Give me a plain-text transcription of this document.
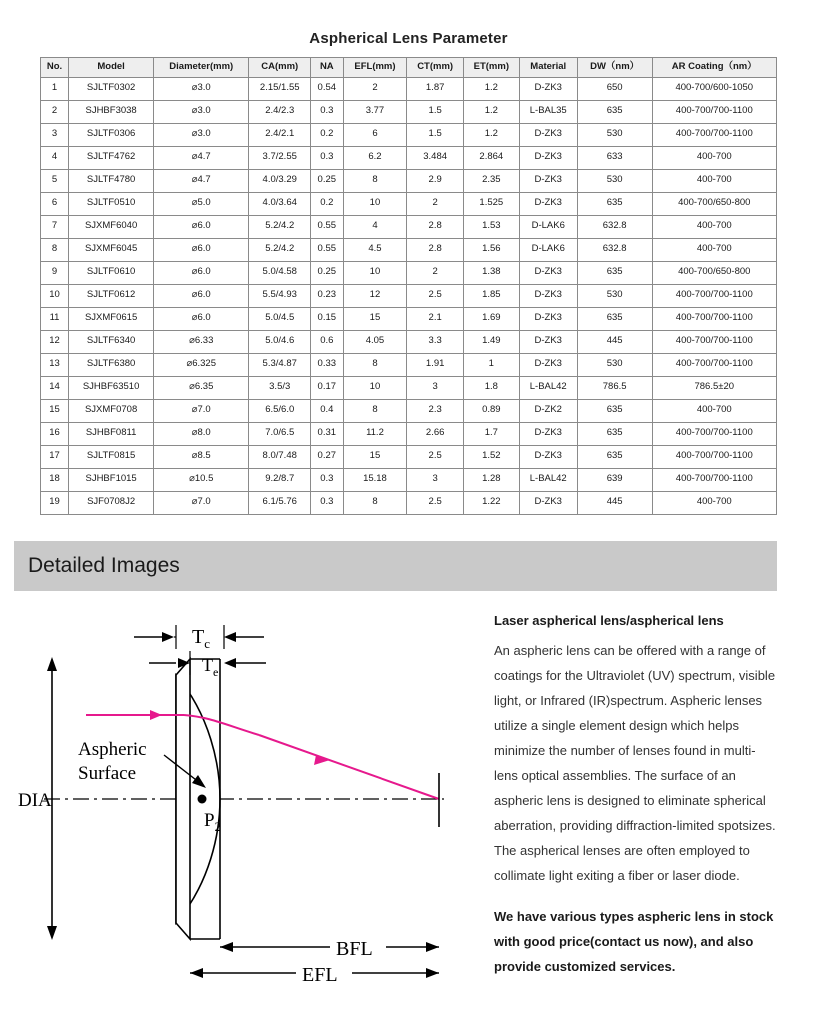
Aspherical Lens Parameter
No.	Model	Diameter(mm)	CA(mm)	NA	EFL(mm)	CT(mm)	ET(mm)	Material	DW（nm）	AR Coating（nm）
1	SJLTF0302	⌀3.0	2.15/1.55	0.54	2	1.87	1.2	D-ZK3	650	400-700/600-1050
2	SJHBF3038	⌀3.0	2.4/2.3	0.3	3.77	1.5	1.2	L-BAL35	635	400-700/700-1100
3	SJLTF0306	⌀3.0	2.4/2.1	0.2	6	1.5	1.2	D-ZK3	530	400-700/700-1100
4	SJLTF4762	⌀4.7	3.7/2.55	0.3	6.2	3.484	2.864	D-ZK3	633	400-700
5	SJLTF4780	⌀4.7	4.0/3.29	0.25	8	2.9	2.35	D-ZK3	530	400-700
6	SJLTF0510	⌀5.0	4.0/3.64	0.2	10	2	1.525	D-ZK3	635	400-700/650-800
7	SJXMF6040	⌀6.0	5.2/4.2	0.55	4	2.8	1.53	D-LAK6	632.8	400-700
8	SJXMF6045	⌀6.0	5.2/4.2	0.55	4.5	2.8	1.56	D-LAK6	632.8	400-700
9	SJLTF0610	⌀6.0	5.0/4.58	0.25	10	2	1.38	D-ZK3	635	400-700/650-800
10	SJLTF0612	⌀6.0	5.5/4.93	0.23	12	2.5	1.85	D-ZK3	530	400-700/700-1100
11	SJXMF0615	⌀6.0	5.0/4.5	0.15	15	2.1	1.69	D-ZK3	635	400-700/700-1100
12	SJLTF6340	⌀6.33	5.0/4.6	0.6	4.05	3.3	1.49	D-ZK3	445	400-700/700-1100
13	SJLTF6380	⌀6.325	5.3/4.87	0.33	8	1.91	1	D-ZK3	530	400-700/700-1100
14	SJHBF63510	⌀6.35	3.5/3	0.17	10	3	1.8	L-BAL42	786.5	786.5±20
15	SJXMF0708	⌀7.0	6.5/6.0	0.4	8	2.3	0.89	D-ZK2	635	400-700
16	SJHBF0811	⌀8.0	7.0/6.5	0.31	11.2	2.66	1.7	D-ZK3	635	400-700/700-1100
17	SJLTF0815	⌀8.5	8.0/7.48	0.27	15	2.5	1.52	D-ZK3	635	400-700/700-1100
18	SJHBF1015	⌀10.5	9.2/8.7	0.3	15.18	3	1.28	L-BAL42	639	400-700/700-1100
19	SJF0708J2	⌀7.0	6.1/5.76	0.3	8	2.5	1.22	D-ZK3	445	400-700
Detailed Images
$T_c$
$T_e$
Aspheric
Surface
DIA
$P_2$
BFL
EFL
Laser aspherical lens/aspherical lens

An aspheric lens can be offered with a range of coatings for the Ultraviolet (UV) spectrum, visible light, or Infrared (IR)spectrum. Aspheric lenses utilize a single element design which helps minimize the number of lenses found in multi-lens optical assemblies. The surface of an aspheric lens is designed to eliminate spherical aberration, providing diffraction-limited spotsizes. The aspherical lenses are often employed to collimate light exiting a fiber or laser diode.

We have various types aspheric lens in stock with good price(contact us now), and also provide customized services.
